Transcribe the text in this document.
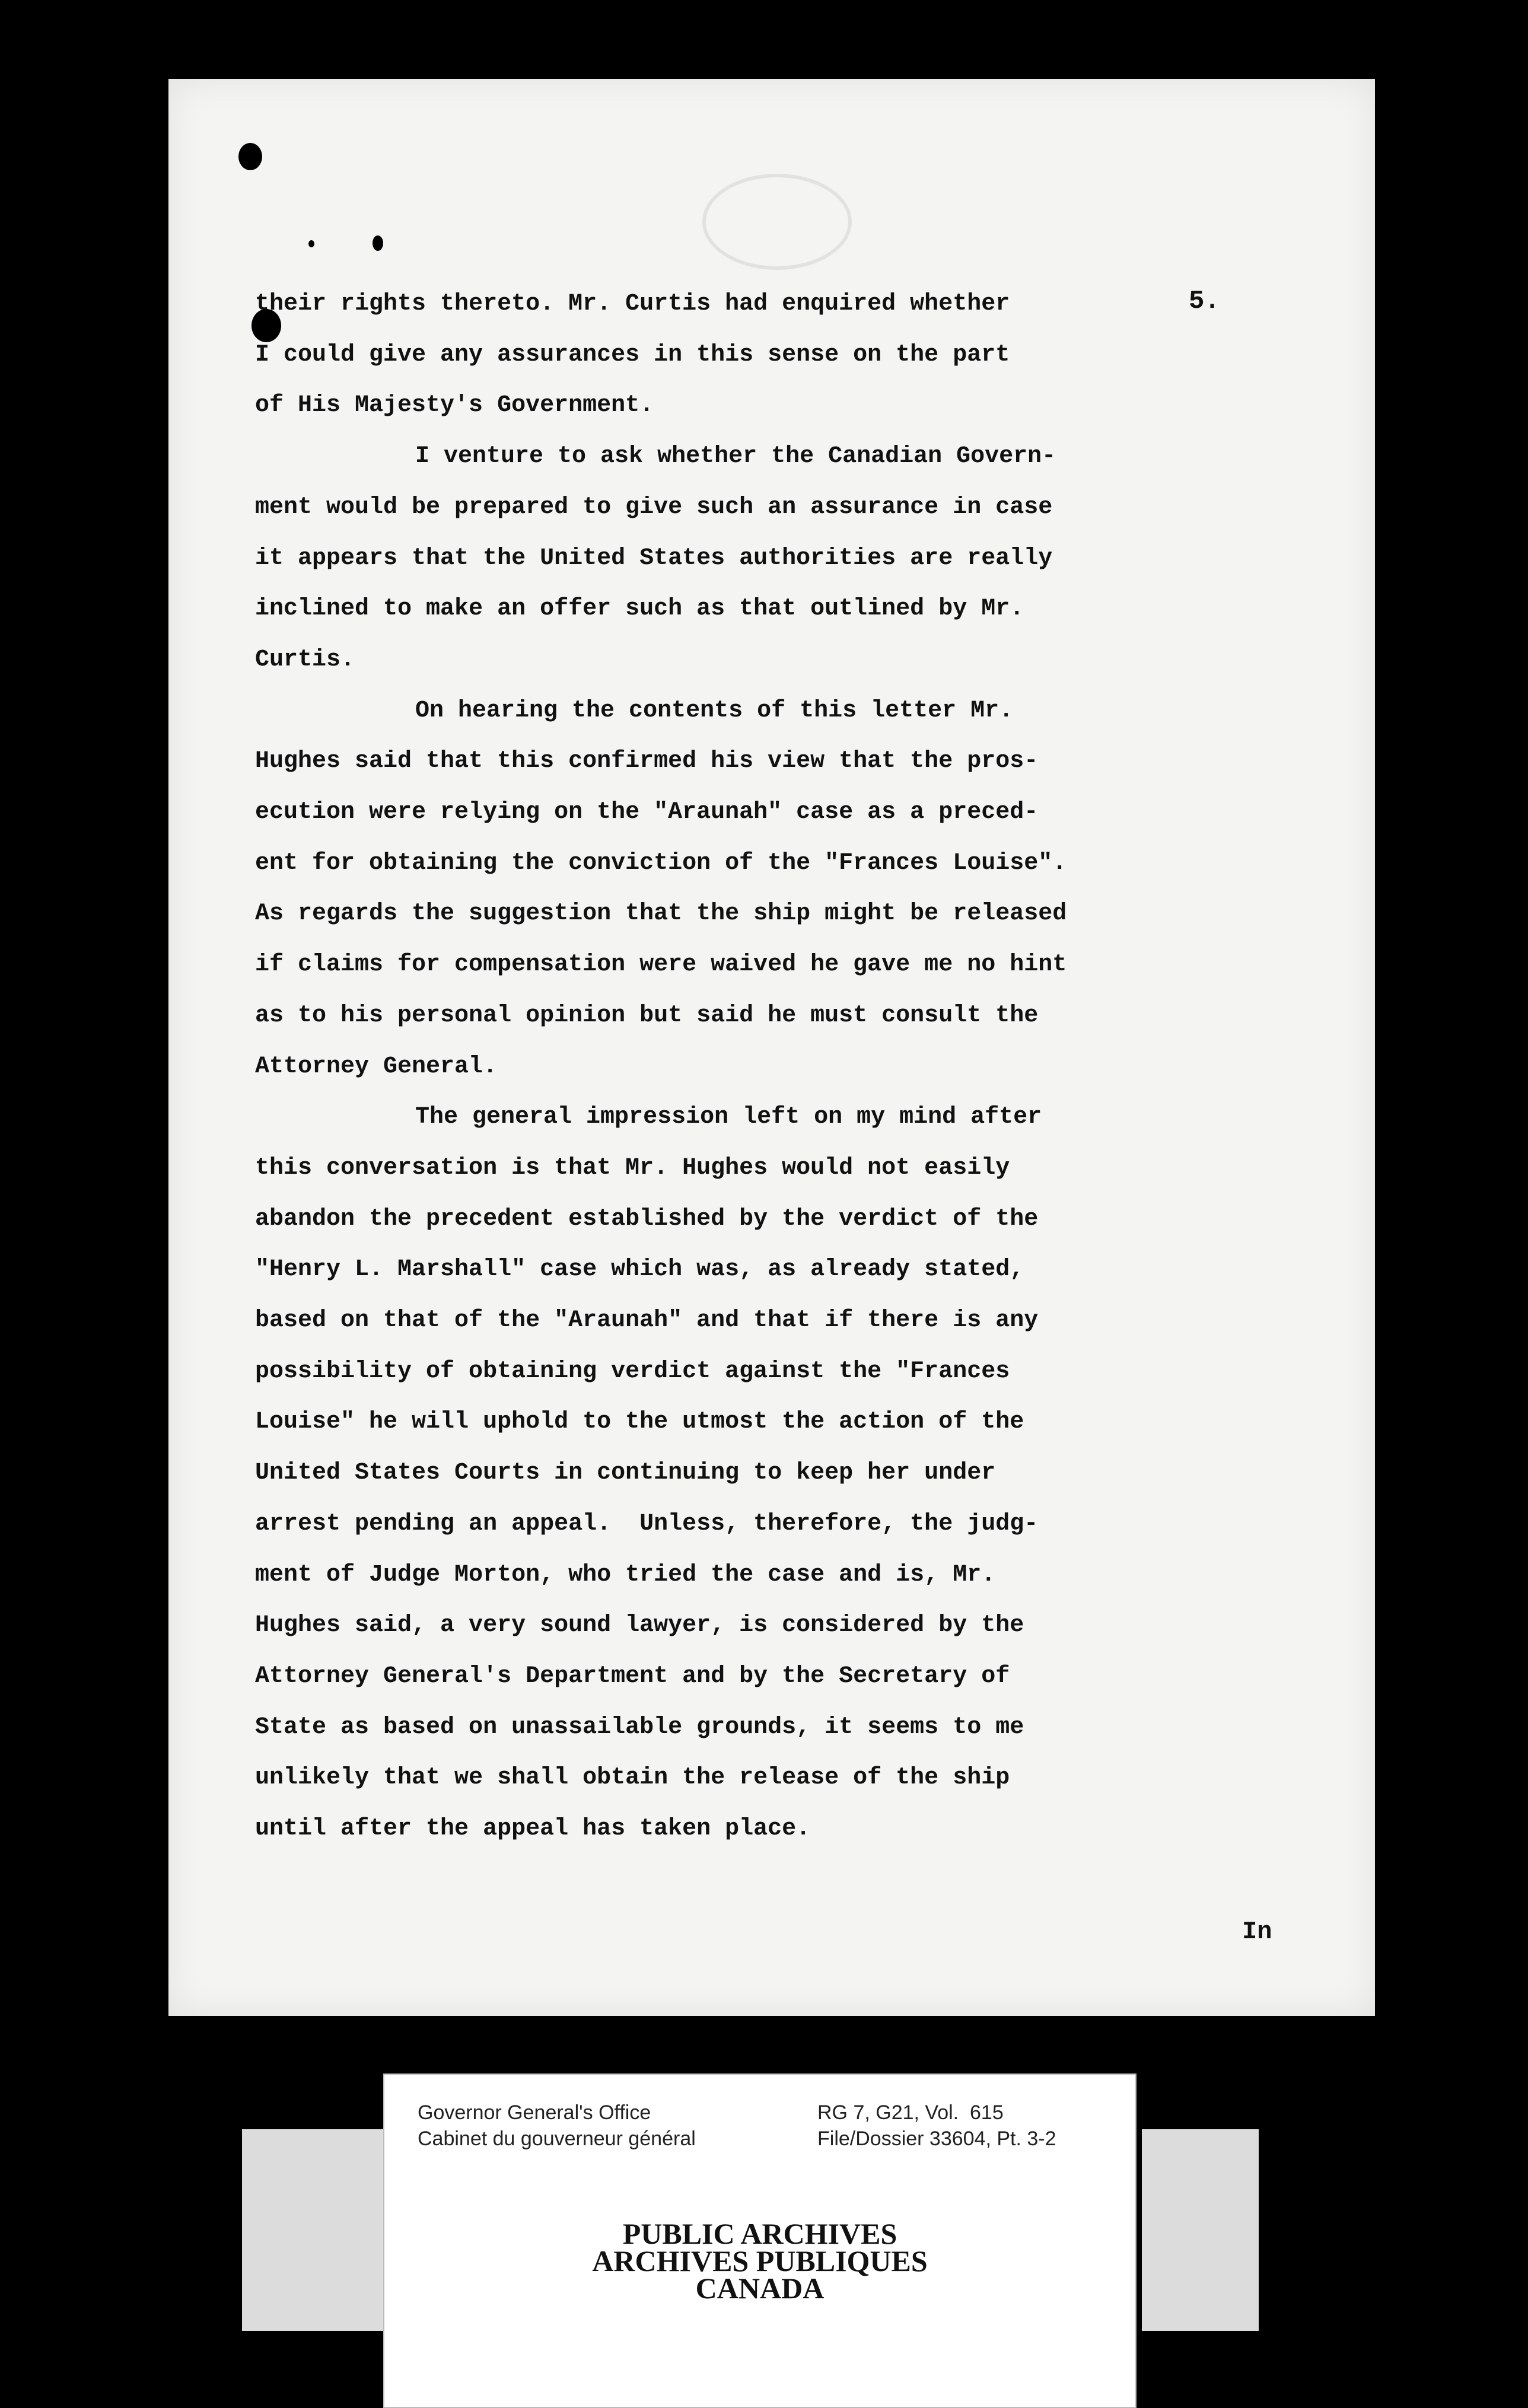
5.
In
their rights thereto. Mr. Curtis had enquired whether
I could give any assurances in this sense on the part
of His Majesty's Government.
I venture to ask whether the Canadian Govern-
ment would be prepared to give such an assurance in case
it appears that the United States authorities are really
inclined to make an offer such as that outlined by Mr.
Curtis.
On hearing the contents of this letter Mr.
Hughes said that this confirmed his view that the pros-
ecution were relying on the "Araunah" case as a preced-
ent for obtaining the conviction of the "Frances Louise".
As regards the suggestion that the ship might be released
if claims for compensation were waived he gave me no hint
as to his personal opinion but said he must consult the
Attorney General.
The general impression left on my mind after
this conversation is that Mr. Hughes would not easily
abandon the precedent established by the verdict of the
"Henry L. Marshall" case which was, as already stated,
based on that of the "Araunah" and that if there is any
possibility of obtaining verdict against the "Frances
Louise" he will uphold to the utmost the action of the
United States Courts in continuing to keep her under
arrest pending an appeal.  Unless, therefore, the judg-
ment of Judge Morton, who tried the case and is, Mr.
Hughes said, a very sound lawyer, is considered by the
Attorney General's Department and by the Secretary of
State as based on unassailable grounds, it seems to me
unlikely that we shall obtain the release of the ship
until after the appeal has taken place.
Governor General's Office
Cabinet du gouverneur général
RG 7, G21, Vol.  615
File/Dossier 33604, Pt. 3-2
PUBLIC ARCHIVES
ARCHIVES PUBLIQUES
CANADA
